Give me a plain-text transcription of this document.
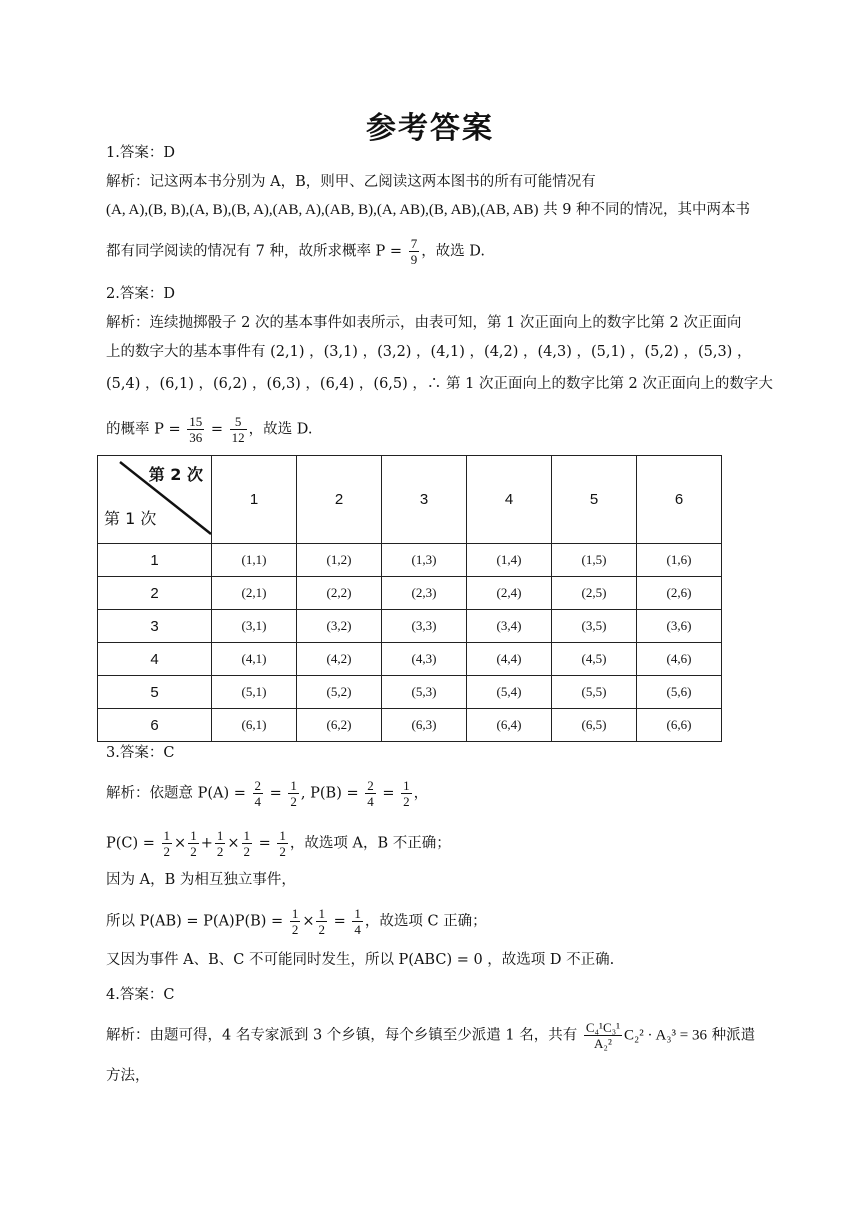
参考答案
1.答案：D
解析：记这两本书分别为 A，B，则甲、乙阅读这两本图书的所有可能情况有
(A, A),(B, B),(A, B),(B, A),(AB, A),(AB, B),(A, AB),(B, AB),(AB, AB) 共 9 种不同的情况，其中两本书
都有同学阅读的情况有 7 种，故所求概率 $P = \frac{7}{9}$ ，故选 D.
2.答案：D
解析：连续抛掷骰子 2 次的基本事件如表所示，由表可知，第 1 次正面向上的数字比第 2 次正面向
上的数字大的基本事件有 (2,1) ，(3,1) ，(3,2) ，(4,1) ，(4,2) ，(4,3) ，(5,1) ，(5,2) ，(5,3) ，
(5,4) ，(6,1) ，(6,2) ，(6,3) ，(6,4) ，(6,5) ，∴ 第 1 次正面向上的数字比第 2 次正面向上的数字大
的概率 $P = \frac{15}{36} = \frac{5}{12}$ ，故选 D.
第 2 次
第 1 次	1	2	3	4	5	6
1	(1,1)	(1,2)	(1,3)	(1,4)	(1,5)	(1,6)
2	(2,1)	(2,2)	(2,3)	(2,4)	(2,5)	(2,6)
3	(3,1)	(3,2)	(3,3)	(3,4)	(3,5)	(3,6)
4	(4,1)	(4,2)	(4,3)	(4,4)	(4,5)	(4,6)
5	(5,1)	(5,2)	(5,3)	(5,4)	(5,5)	(5,6)
6	(6,1)	(6,2)	(6,3)	(6,4)	(6,5)	(6,6)
3.答案：C
解析：依题意 $P(A) = \frac{2}{4} = \frac{1}{2}$ , $P(B) = \frac{2}{4} = \frac{1}{2}$ ，
$P(C) = \frac{1}{2} \times \frac{1}{2} + \frac{1}{2} \times \frac{1}{2} = \frac{1}{2}$ ，故选项 A，B 不正确；
因为 A，B 为相互独立事件，
所以 $P(AB) = P(A)P(B) = \frac{1}{2} \times \frac{1}{2} = \frac{1}{4}$ ，故选项 C 正确；
又因为事件 A、B、C 不可能同时发生，所以 P(ABC) = 0 ，故选项 D 不正确.
4.答案：C
解析：由题可得，4 名专家派到 3 个乡镇，每个乡镇至少派遣 1 名，共有 $\frac{\text{C₄¹C₃¹}}{\text{A₂²}} C_2^2 \cdot A_3^3 = 36$ 种派遣
方法，
